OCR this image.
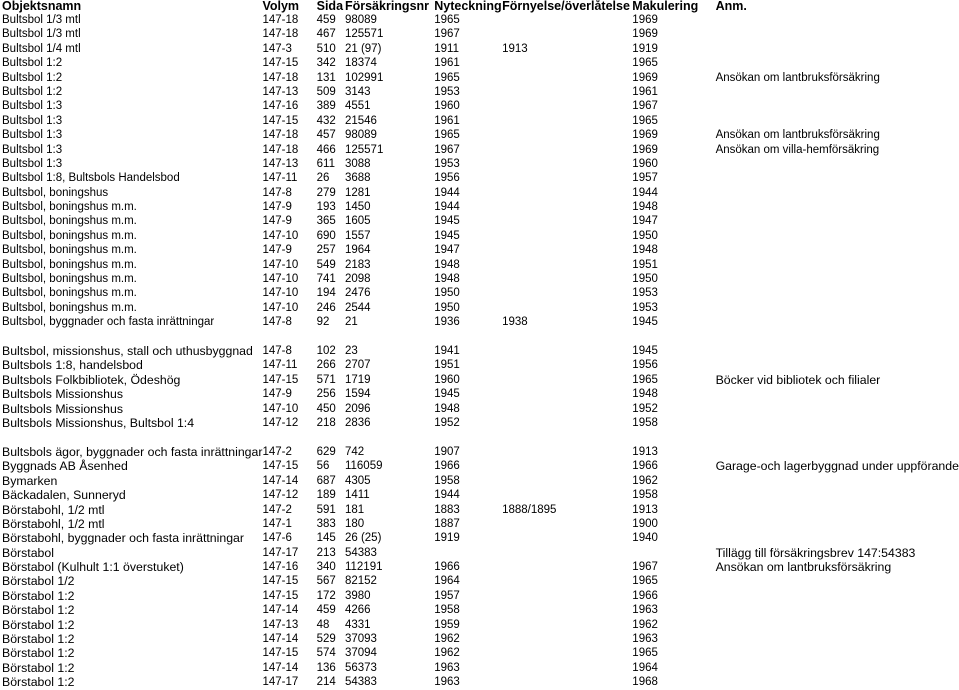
Objektsnamn	Volym	Sida	Försäkringsnr	Nyteckning	Förnyelse/överlåtelse	Makulering	Anm.
Bultsbol 1/3 mtl	147-18	459	98089	1965		1969	
Bultsbol 1/3 mtl	147-18	467	125571	1967		1969	
Bultsbol 1/4 mtl	147-3	510	21 (97)	1911	1913	1919	
Bultsbol 1:2	147-15	342	18374	1961		1965	
Bultsbol 1:2	147-18	131	102991	1965		1969	Ansökan om lantbruksförsäkring
Bultsbol 1:2	147-13	509	3143	1953		1961	
Bultsbol 1:3	147-16	389	4551	1960		1967	
Bultsbol 1:3	147-15	432	21546	1961		1965	
Bultsbol 1:3	147-18	457	98089	1965		1969	Ansökan om lantbruksförsäkring
Bultsbol 1:3	147-18	466	125571	1967		1969	Ansökan om villa-hemförsäkring
Bultsbol 1:3	147-13	611	3088	1953		1960	
Bultsbol 1:8, Bultsbols Handelsbod	147-11	26	3688	1956		1957	
Bultsbol, boningshus	147-8	279	1281	1944		1944	
Bultsbol, boningshus m.m.	147-9	193	1450	1944		1948	
Bultsbol, boningshus m.m.	147-9	365	1605	1945		1947	
Bultsbol, boningshus m.m.	147-10	690	1557	1945		1950	
Bultsbol, boningshus m.m.	147-9	257	1964	1947		1948	
Bultsbol, boningshus m.m.	147-10	549	2183	1948		1951	
Bultsbol, boningshus m.m.	147-10	741	2098	1948		1950	
Bultsbol, boningshus m.m.	147-10	194	2476	1950		1953	
Bultsbol, boningshus m.m.	147-10	246	2544	1950		1953	
Bultsbol, byggnader och fasta inrättningar	147-8	92	21	1936	1938	1945	

Bultsbol, missionshus, stall och uthusbyggnad	147-8	102	23	1941		1945	
Bultsbols 1:8, handelsbod	147-11	266	2707	1951		1956	
Bultsbols Folkbibliotek, Ödeshög	147-15	571	1719	1960		1965	Böcker vid bibliotek och filialer
Bultsbols Missionshus	147-9	256	1594	1945		1948	
Bultsbols Missionshus	147-10	450	2096	1948		1952	
Bultsbols Missionshus, Bultsbol 1:4	147-12	218	2836	1952		1958	

Bultsbols ägor, byggnader och fasta inrättningar	147-2	629	742	1907		1913	
Byggnads AB Åsenhed	147-15	56	116059	1966		1966	Garage-och lagerbyggnad under uppförande
Bymarken	147-14	687	4305	1958		1962	
Bäckadalen, Sunneryd	147-12	189	1411	1944		1958	
Börstabohl, 1/2 mtl	147-2	591	181	1883	1888/1895	1913	
Börstabohl, 1/2 mtl	147-1	383	180	1887		1900	
Börstabohl, byggnader och fasta inrättningar	147-6	145	26 (25)	1919		1940	
Börstabol	147-17	213	54383				Tillägg till försäkringsbrev 147:54383
Börstabol (Kulhult 1:1 överstuket)	147-16	340	112191	1966		1967	Ansökan om lantbruksförsäkring
Börstabol 1/2	147-15	567	82152	1964		1965	
Börstabol 1:2	147-15	172	3980	1957		1966	
Börstabol 1:2	147-14	459	4266	1958		1963	
Börstabol 1:2	147-13	48	4331	1959		1962	
Börstabol 1:2	147-14	529	37093	1962		1963	
Börstabol 1:2	147-15	574	37094	1962		1965	
Börstabol 1:2	147-14	136	56373	1963		1964	
Börstabol 1:2	147-17	214	54383	1963		1968	
